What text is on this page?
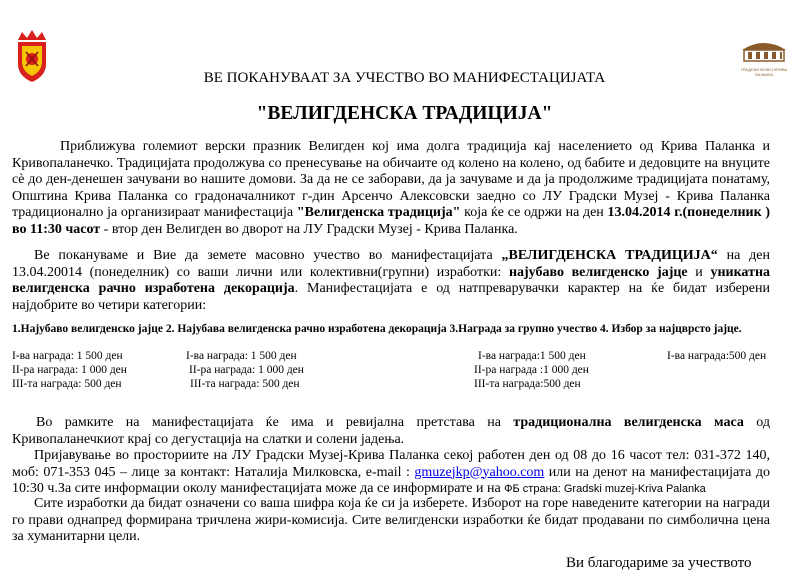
ГРАДСКИ МУЗЕЈ КРИВА ПАЛАНКА
ВЕ ПОКАНУВААТ ЗА УЧЕСТВО ВО МАНИФЕСТАЦИЈАТА
"ВЕЛИГДЕНСКА ТРАДИЦИЈА"

Приближува големиот верски празник Велигден кој има долга традиција кај населението од Крива Паланка и Кривопаланечко. Традицијата продолжува со пренесување на обичаите од колено на колено, од бабите и дедовците на внуците сè до ден-денешен зачувани во нашите домови. За да не се заборави, да ја зачуваме и да ја продолжиме традицијата понатаму, Општина Крива Паланка со градоначалникот г-дин Арсенчо Алексовски заедно со ЛУ Градски Музеј - Крива Паланка традиционално ја организираат манифестација "Велигденска традиција" која ќе се одржи на ден 13.04.2014 г.(понеделник ) во 11:30 часот - втор ден Велигден во дворот на ЛУ Градски Музеј - Крива Паланка.

Ве покануваме и Вие да земете масовно учество во манифестацијата „ВЕЛИГДЕНСКА ТРАДИЦИЈА“ на ден 13.04.20014 (понеделник) со ваши лични или колективни(групни) изработки: најубаво велигденско јајце и уникатна велигденска рачно изработена декорација. Манифестацијата е од натпреварувачки карактер на ќе бидат изберени најдобрите во четири категории:

1.Најубаво велигденско јајце 2. Најубава велигденска рачно изработена декорација 3.Награда за групно учество 4. Избор за најцврсто јајце.
I-ва награда: 1 500 ден
II-ра награда: 1 000 ден
III-та награда: 500 ден
I-ва награда: 1 500 ден
II-ра награда: 1 000 ден
III-та награда: 500 ден
I-ва награда:1 500 ден
II-ра награда :1 000 ден
III-та награда:500 ден
I-ва награда:500 ден

Во рамките на манифестацијата ќе има и ревијална претстава на традиционална велигденска маса од Кривопаланечкиот крај со дегустација на слатки и солени јадења.

Пријавување во просториите на ЛУ Градски Музеј-Крива Паланка секој работен ден од 08 до 16 часот тел: 031-372 140, моб: 071-353 045 – лице за контакт: Наталија Милковска, e-mail : gmuzejkp@yahoo.com или на денот на манифестацијата до 10:30 ч.За сите информации околу манифестацијата може да се информирате и на ФБ страна: Gradski muzej-Kriva Palanka

Сите изработки да бидат означени со ваша шифра која ќе си ја изберете. Изборот на горе наведените категории на награди го прави однапред формирана тричлена жири-комисија. Сите велигденски изработки ќе бидат продавани по симболична цена за хуманитарни цели.

Ви благодариме за учеството
